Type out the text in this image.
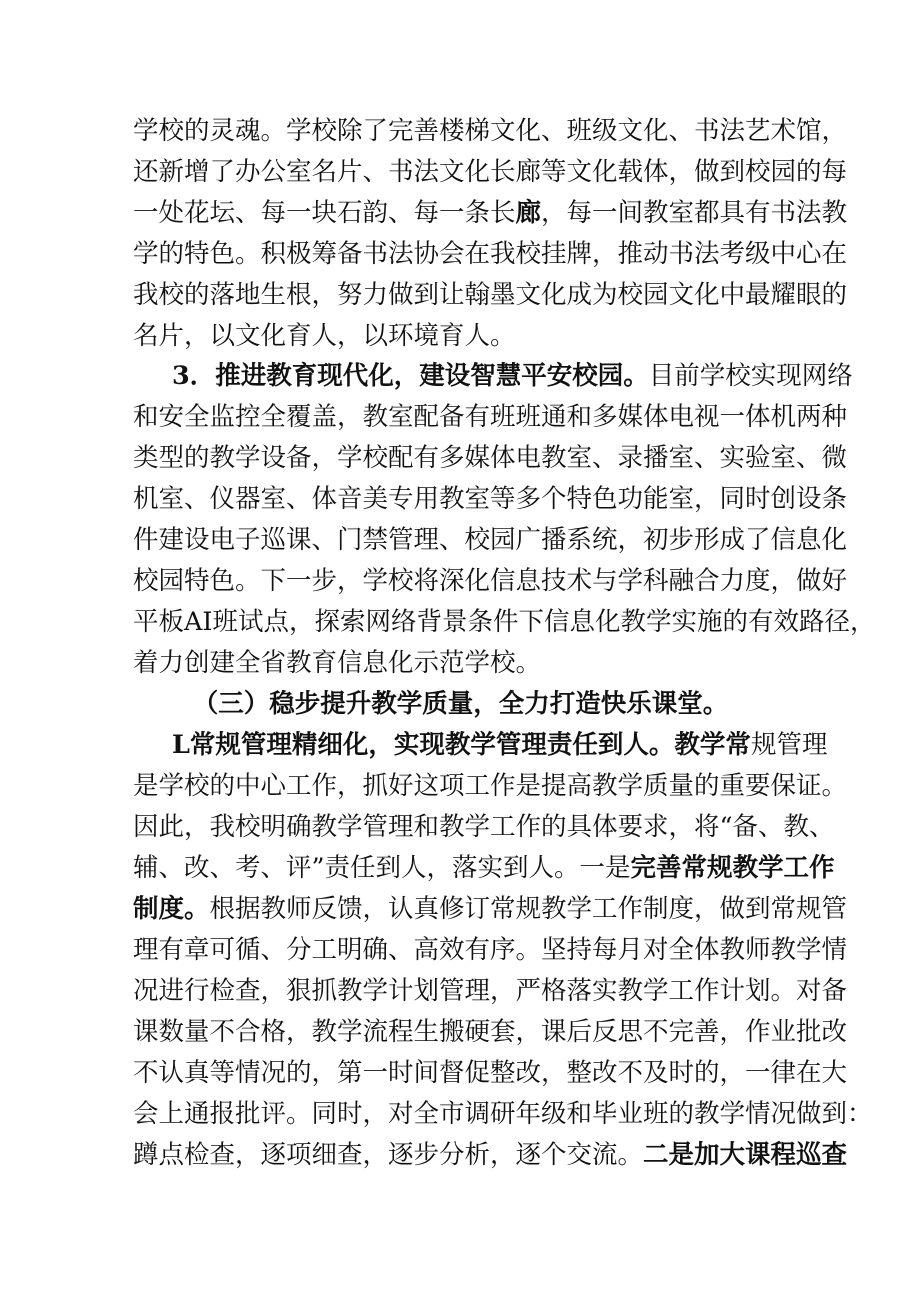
学校的灵魂。学校除了完善楼梯文化、班级文化、书法艺术馆，
还新增了办公室名片、书法文化长廊等文化载体，做到校园的每
一处花坛、每一块石韵、每一条长廊，每一间教室都具有书法教
学的特色。积极筹备书法协会在我校挂牌，推动书法考级中心在
我校的落地生根，努力做到让翰墨文化成为校园文化中最耀眼的
名片，以文化育人，以环境育人。
3．推进教育现代化，建设智慧平安校园。目前学校实现网络
和安全监控全覆盖，教室配备有班班通和多媒体电视一体机两种
类型的教学设备，学校配有多媒体电教室、录播室、实验室、微
机室、仪器室、体音美专用教室等多个特色功能室，同时创设条
件建设电子巡课、门禁管理、校园广播系统，初步形成了信息化
校园特色。下一步，学校将深化信息技术与学科融合力度，做好
平板AI班试点，探索网络背景条件下信息化教学实施的有效路径，
着力创建全省教育信息化示范学校。
（三）稳步提升教学质量，全力打造快乐课堂。
L常规管理精细化，实现教学管理责任到人。教学常规管理
是学校的中心工作，抓好这项工作是提高教学质量的重要保证。
因此，我校明确教学管理和教学工作的具体要求，将“备、教、
辅、改、考、评”责任到人，落实到人。一是完善常规教学工作
制度。根据教师反馈，认真修订常规教学工作制度，做到常规管
理有章可循、分工明确、高效有序。坚持每月对全体教师教学情
况进行检查，狠抓教学计划管理，严格落实教学工作计划。对备
课数量不合格，教学流程生搬硬套，课后反思不完善，作业批改
不认真等情况的，第一时间督促整改，整改不及时的，一律在大
会上通报批评。同时，对全市调研年级和毕业班的教学情况做到：
蹲点检查，逐项细查，逐步分析，逐个交流。二是加大课程巡查
